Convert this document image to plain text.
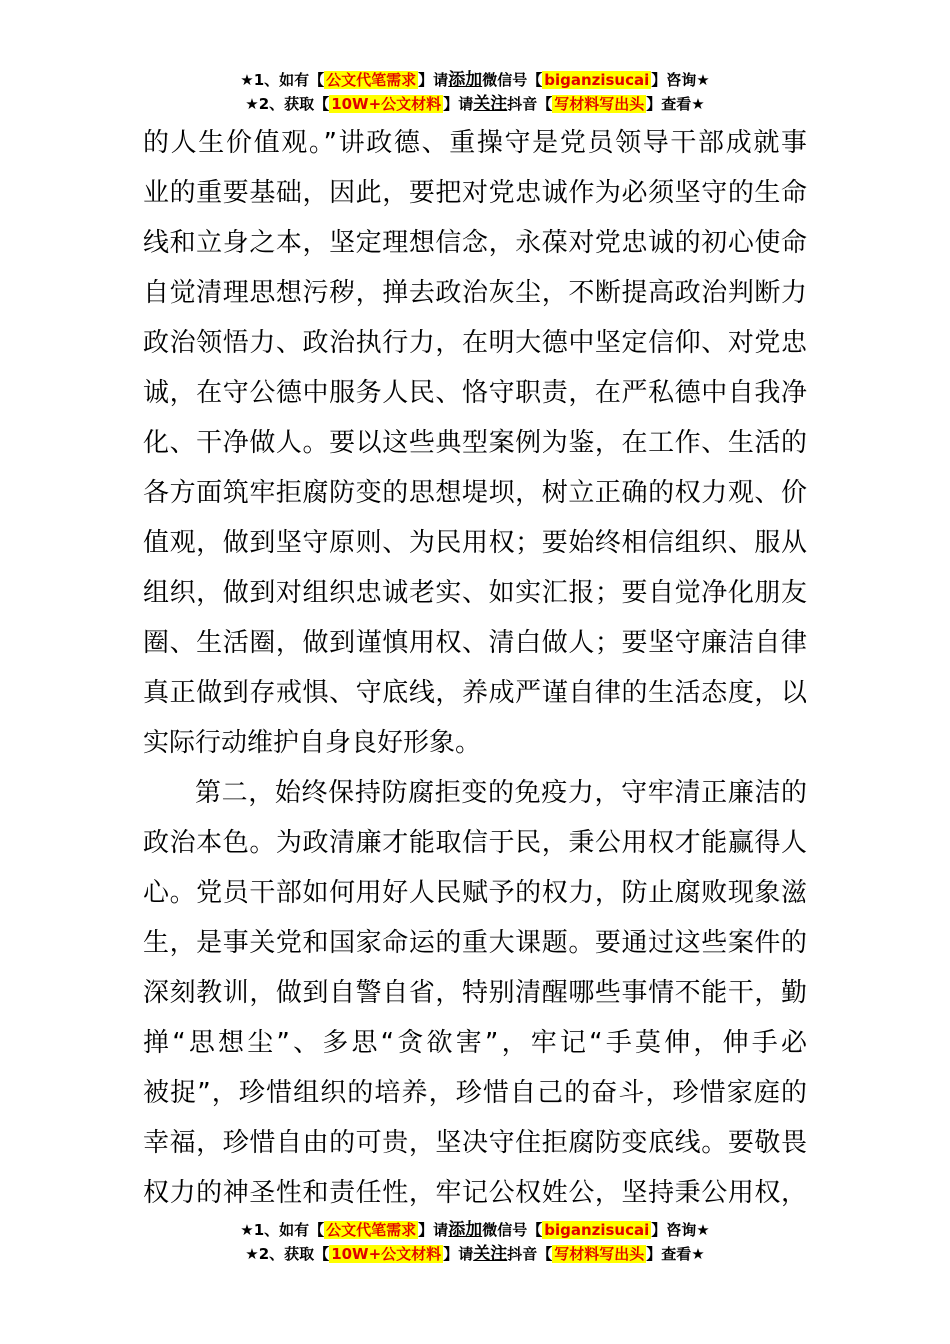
★1、如有【 公文代笔需求 】请添加微信号【 biganzisucai 】咨询★
★2、获取【 10W+公文材料 】请关注抖音【 写材料写出头 】查看★
的人生价值观。”讲政德、重操守是党员领导干部成就事
业的重要基础，因此，要把对党忠诚作为必须坚守的生命
线和立身之本，坚定理想信念，永葆对党忠诚的初心使命
自觉清理思想污秽，掸去政治灰尘，不断提高政治判断力
政治领悟力、政治执行力，在明大德中坚定信仰、对党忠
诚，在守公德中服务人民、恪守职责，在严私德中自我净
化、干净做人。要以这些典型案例为鉴，在工作、生活的
各方面筑牢拒腐防变的思想堤坝，树立正确的权力观、价
值观，做到坚守原则、为民用权；要始终相信组织、服从
组织，做到对组织忠诚老实、如实汇报；要自觉净化朋友
圈、生活圈，做到谨慎用权、清白做人；要坚守廉洁自律
真正做到存戒惧、守底线，养成严谨自律的生活态度，以
实际行动维护自身良好形象。
第二，始终保持防腐拒变的免疫力，守牢清正廉洁的
政治本色。为政清廉才能取信于民，秉公用权才能赢得人
心。党员干部如何用好人民赋予的权力，防止腐败现象滋
生，是事关党和国家命运的重大课题。要通过这些案件的
深刻教训，做到自警自省，特别清醒哪些事情不能干，勤
掸“思想尘”、多思“贪欲害”，牢记“手莫伸，伸手必
被捉”，珍惜组织的培养，珍惜自己的奋斗，珍惜家庭的
幸福，珍惜自由的可贵，坚决守住拒腐防变底线。要敬畏
权力的神圣性和责任性，牢记公权姓公，坚持秉公用权，
★1、如有【 公文代笔需求 】请添加微信号【 biganzisucai 】咨询★
★2、获取【 10W+公文材料 】请关注抖音【 写材料写出头 】查看★
